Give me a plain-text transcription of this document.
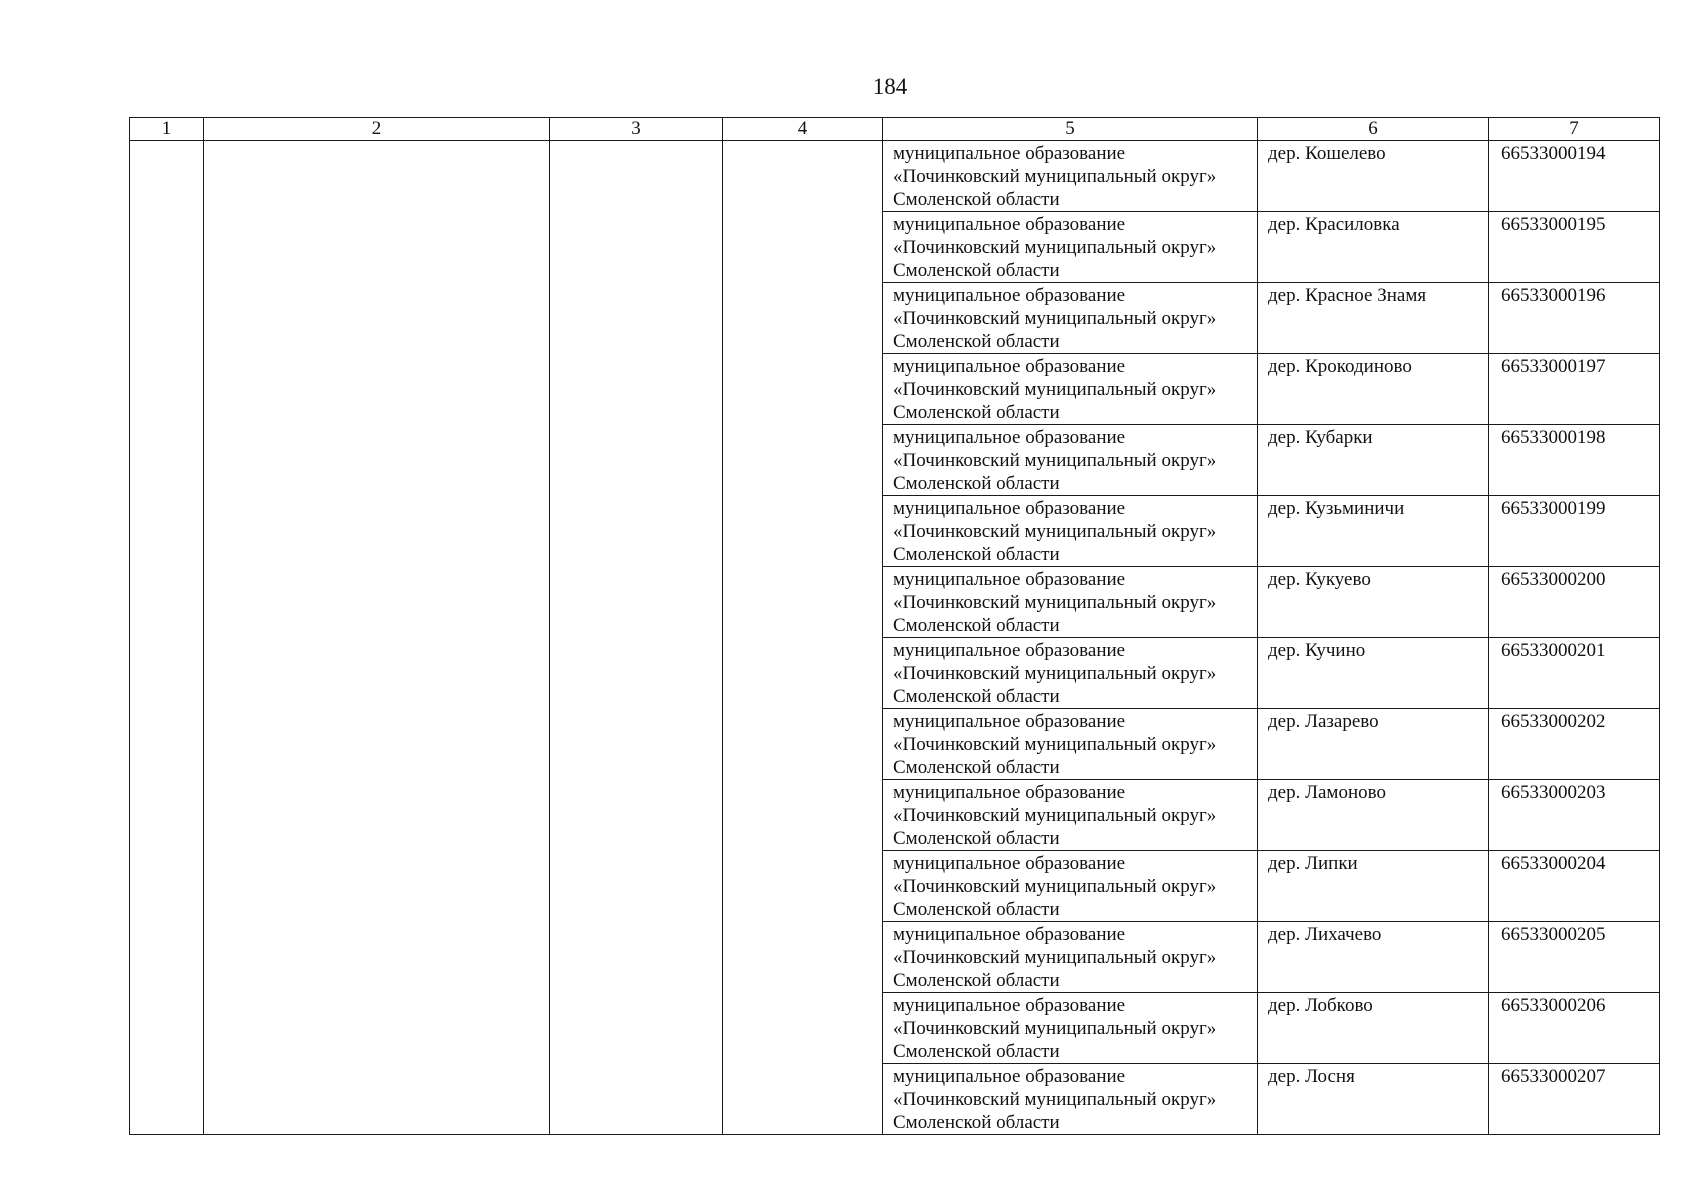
184
1	2	3	4	5	6	7

				муниципальное образование
«Починковский муниципальный округ»
Смоленской области	дер. Кошелево	66533000194

				муниципальное образование
«Починковский муниципальный округ»
Смоленской области	дер. Красиловка	66533000195

				муниципальное образование
«Починковский муниципальный округ»
Смоленской области	дер. Красное Знамя	66533000196

				муниципальное образование
«Починковский муниципальный округ»
Смоленской области	дер. Крокодиново	66533000197

				муниципальное образование
«Починковский муниципальный округ»
Смоленской области	дер. Кубарки	66533000198

				муниципальное образование
«Починковский муниципальный округ»
Смоленской области	дер. Кузьминичи	66533000199

				муниципальное образование
«Починковский муниципальный округ»
Смоленской области	дер. Кукуево	66533000200

				муниципальное образование
«Починковский муниципальный округ»
Смоленской области	дер. Кучино	66533000201

				муниципальное образование
«Починковский муниципальный округ»
Смоленской области	дер. Лазарево	66533000202

				муниципальное образование
«Починковский муниципальный округ»
Смоленской области	дер. Ламоново	66533000203

				муниципальное образование
«Починковский муниципальный округ»
Смоленской области	дер. Липки	66533000204

				муниципальное образование
«Починковский муниципальный округ»
Смоленской области	дер. Лихачево	66533000205

				муниципальное образование
«Починковский муниципальный округ»
Смоленской области	дер. Лобково	66533000206

				муниципальное образование
«Починковский муниципальный округ»
Смоленской области	дер. Лосня	66533000207
